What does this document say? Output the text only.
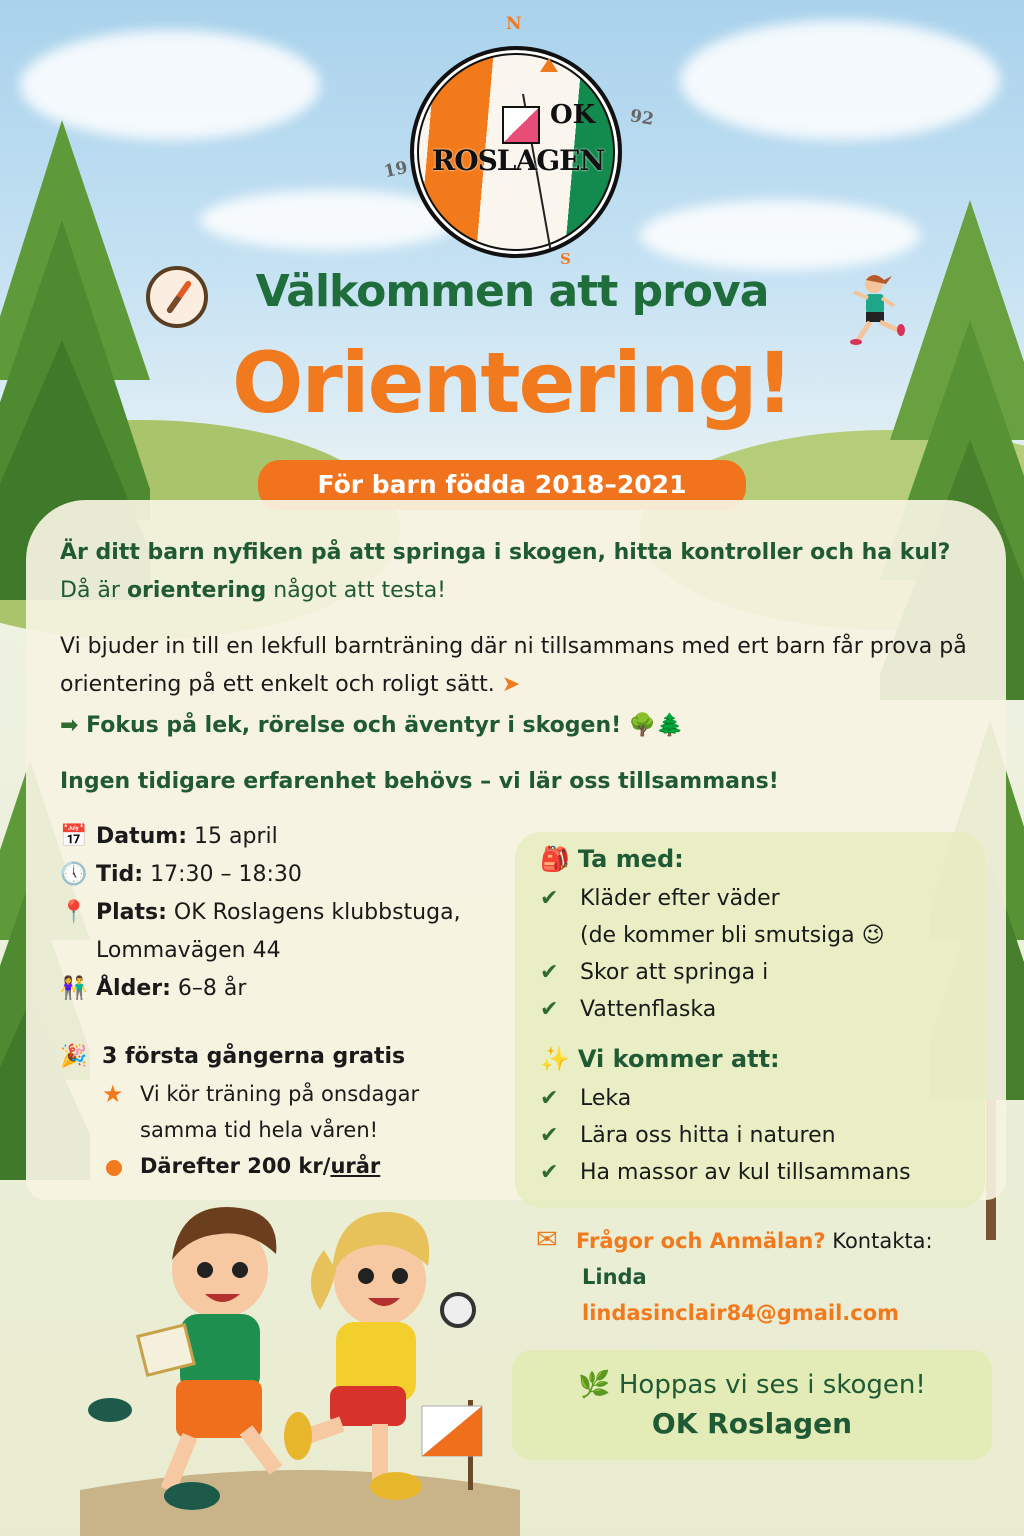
N
19
92
OK
ROSLAGEN
S
Välkommen att prova
Orientering!
För barn födda 2018–2021
Är ditt barn nyfiken på att springa i skogen, hitta kontroller och ha kul? Då är orientering något att testa!
Vi bjuder in till en lekfull barnträning där ni tillsammans med ert barn får prova på orientering på ett enkelt och roligt sätt. ➤
➡ Fokus på lek, rörelse och äventyr i skogen! 🌳🌲
Ingen tidigare erfarenhet behövs – vi lär oss tillsammans!
📅 Datum: 15 april
🕔 Tid: 17:30 – 18:30
📍 Plats: OK Roslagens klubbstuga, Lommavägen 44
👫 Ålder: 6–8 år
🎉 3 första gångerna gratis
★ Vi kör träning på onsdagar samma tid hela våren!
Därefter 200 kr/urår
🎒 Ta med:
✔ Kläder efter väder
(de kommer bli smutsiga 😉
✔ Skor att springa i
✔ Vattenflaska
✨ Vi kommer att:
✔ Leka
✔ Lära oss hitta i naturen
✔ Ha massor av kul tillsammans
✉ Frågor och Anmälan? Kontakta:
Linda
lindasinclair84@gmail.com
🌿 Hoppas vi ses i skogen!
OK Roslagen
